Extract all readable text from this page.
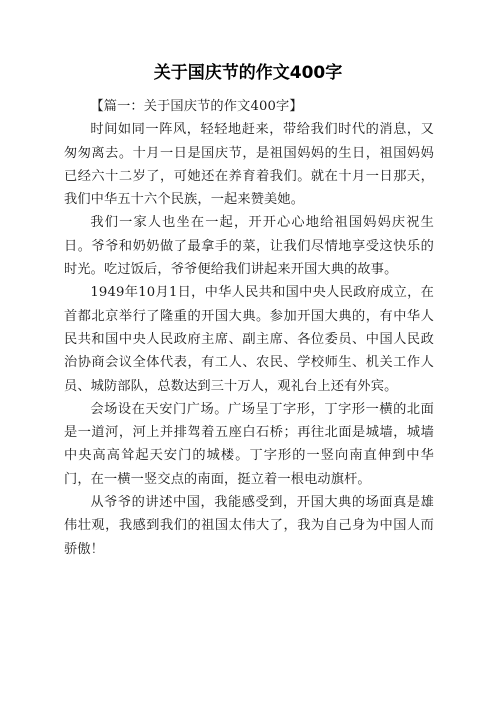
关于国庆节的作文400字

【篇一：关于国庆节的作文400字】

时间如同一阵风，轻轻地赶来，带给我们时代的消息，又匆匆离去。十月一日是国庆节，是祖国妈妈的生日，祖国妈妈已经六十二岁了，可她还在养育着我们。就在十月一日那天，我们中华五十六个民族，一起来赞美她。

我们一家人也坐在一起，开开心心地给祖国妈妈庆祝生日。爷爷和奶奶做了最拿手的菜，让我们尽情地享受这快乐的时光。吃过饭后，爷爷便给我们讲起来开国大典的故事。

1949年10月1日，中华人民共和国中央人民政府成立，在首都北京举行了隆重的开国大典。参加开国大典的，有中华人民共和国中央人民政府主席、副主席、各位委员、中国人民政治协商会议全体代表，有工人、农民、学校师生、机关工作人员、城防部队，总数达到三十万人，观礼台上还有外宾。

会场设在天安门广场。广场呈丁字形，丁字形一横的北面是一道河，河上并排驾着五座白石桥；再往北面是城墙，城墙中央高高耸起天安门的城楼。丁字形的一竖向南直伸到中华门，在一横一竖交点的南面，挺立着一根电动旗杆。

从爷爷的讲述中国，我能感受到，开国大典的场面真是雄伟壮观，我感到我们的祖国太伟大了，我为自己身为中国人而骄傲！
